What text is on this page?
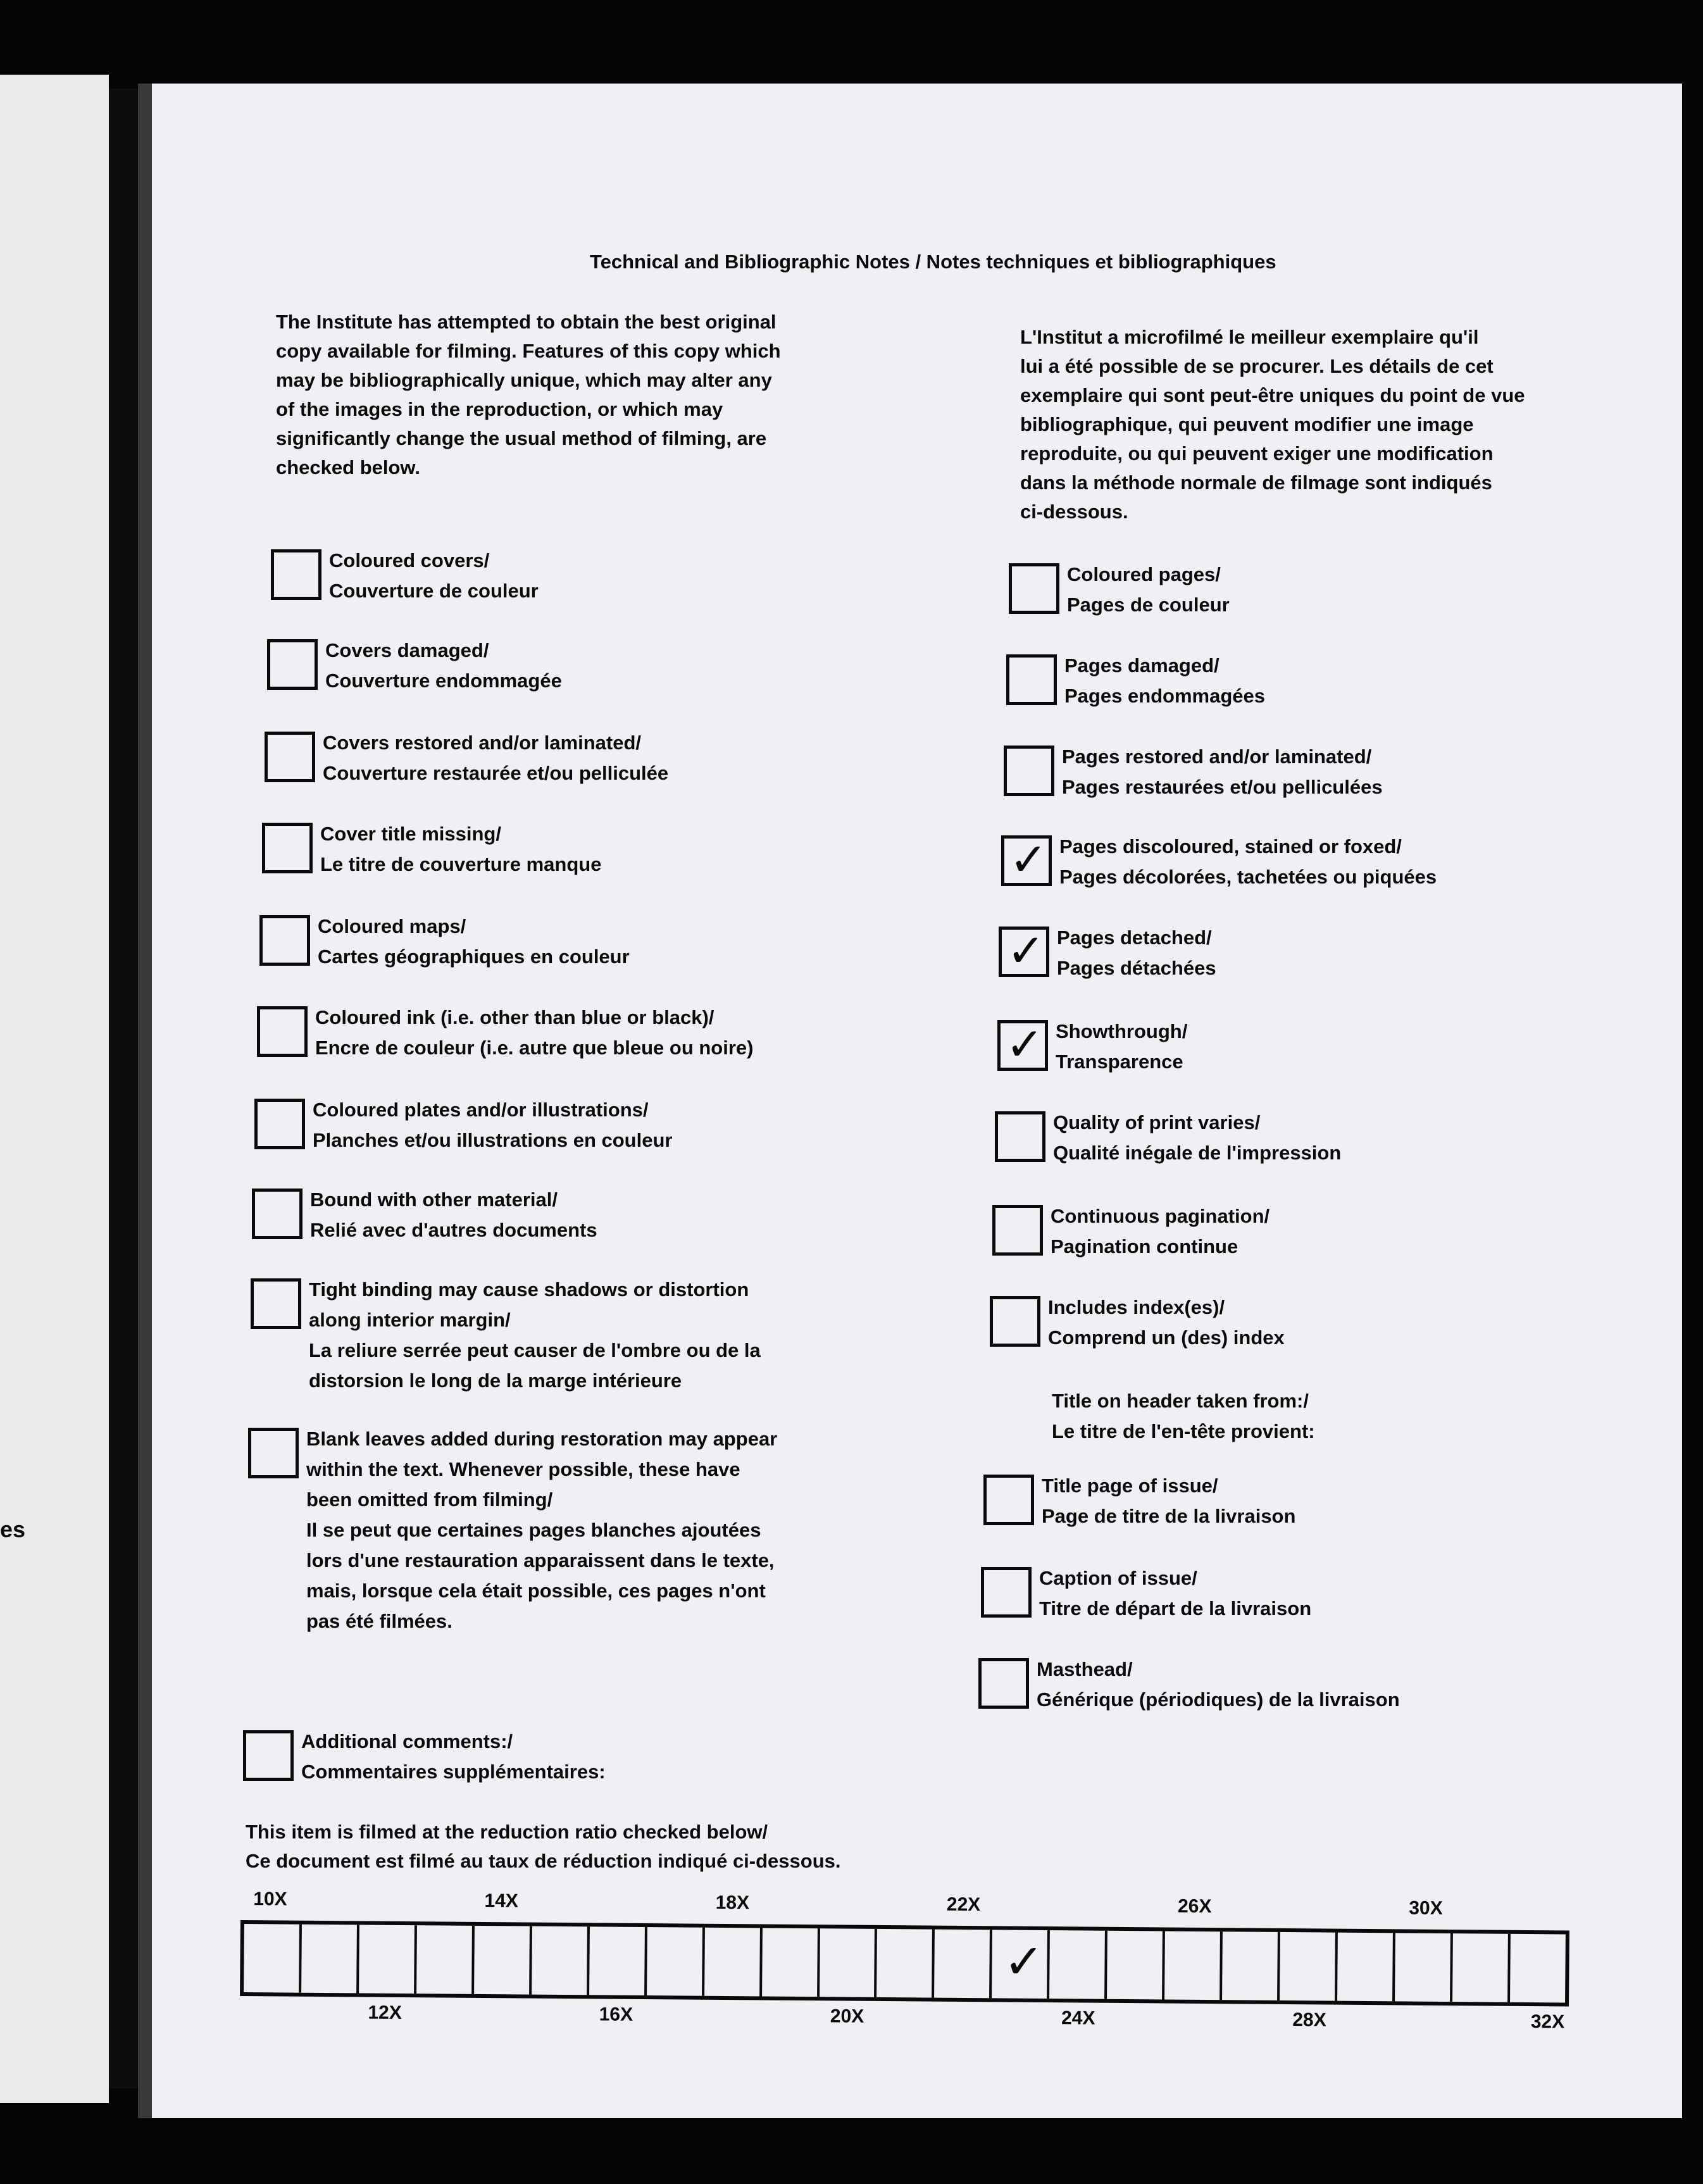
es
Technical and Bibliographic Notes / Notes techniques et bibliographiques

The Institute has attempted to obtain the best original
copy available for filming. Features of this copy which
may be bibliographically unique, which may alter any
of the images in the reproduction, or which may
significantly change the usual method of filming, are
checked below.

L'Institut a microfilmé le meilleur exemplaire qu'il
lui a été possible de se procurer. Les détails de cet
exemplaire qui sont peut-être uniques du point de vue
bibliographique, qui peuvent modifier une image
reproduite, ou qui peuvent exiger une modification
dans la méthode normale de filmage sont indiqués
ci-dessous.

Coloured covers/
Couverture de couleur
Covers damaged/
Couverture endommagée
Covers restored and/or laminated/
Couverture restaurée et/ou pelliculée
Cover title missing/
Le titre de couverture manque
Coloured maps/
Cartes géographiques en couleur
Coloured ink (i.e. other than blue or black)/
Encre de couleur (i.e. autre que bleue ou noire)
Coloured plates and/or illustrations/
Planches et/ou illustrations en couleur
Bound with other material/
Relié avec d'autres documents
Tight binding may cause shadows or distortion
along interior margin/
La reliure serrée peut causer de l'ombre ou de la
distorsion le long de la marge intérieure
Blank leaves added during restoration may appear
within the text. Whenever possible, these have
been omitted from filming/
Il se peut que certaines pages blanches ajoutées
lors d'une restauration apparaissent dans le texte,
mais, lorsque cela était possible, ces pages n'ont
pas été filmées.
Additional comments:/
Commentaires supplémentaires:
Coloured pages/
Pages de couleur
Pages damaged/
Pages endommagées
Pages restored and/or laminated/
Pages restaurées et/ou pelliculées
✓ Pages discoloured, stained or foxed/
Pages décolorées, tachetées ou piquées
✓ Pages detached/
Pages détachées
✓ Showthrough/
Transparence
Quality of print varies/
Qualité inégale de l'impression
Continuous pagination/
Pagination continue
Includes index(es)/
Comprend un (des) index
Title page of issue/
Page de titre de la livraison
Caption of issue/
Titre de départ de la livraison
Masthead/
Générique (périodiques) de la livraison
Title on header taken from:/
Le titre de l'en-tête provient:
This item is filmed at the reduction ratio checked below/
Ce document est filmé au taux de réduction indiqué ci-dessous.
✓
10X	14X	18X	22X	26X	30X
12X	16X	20X	24X	28X	32X
